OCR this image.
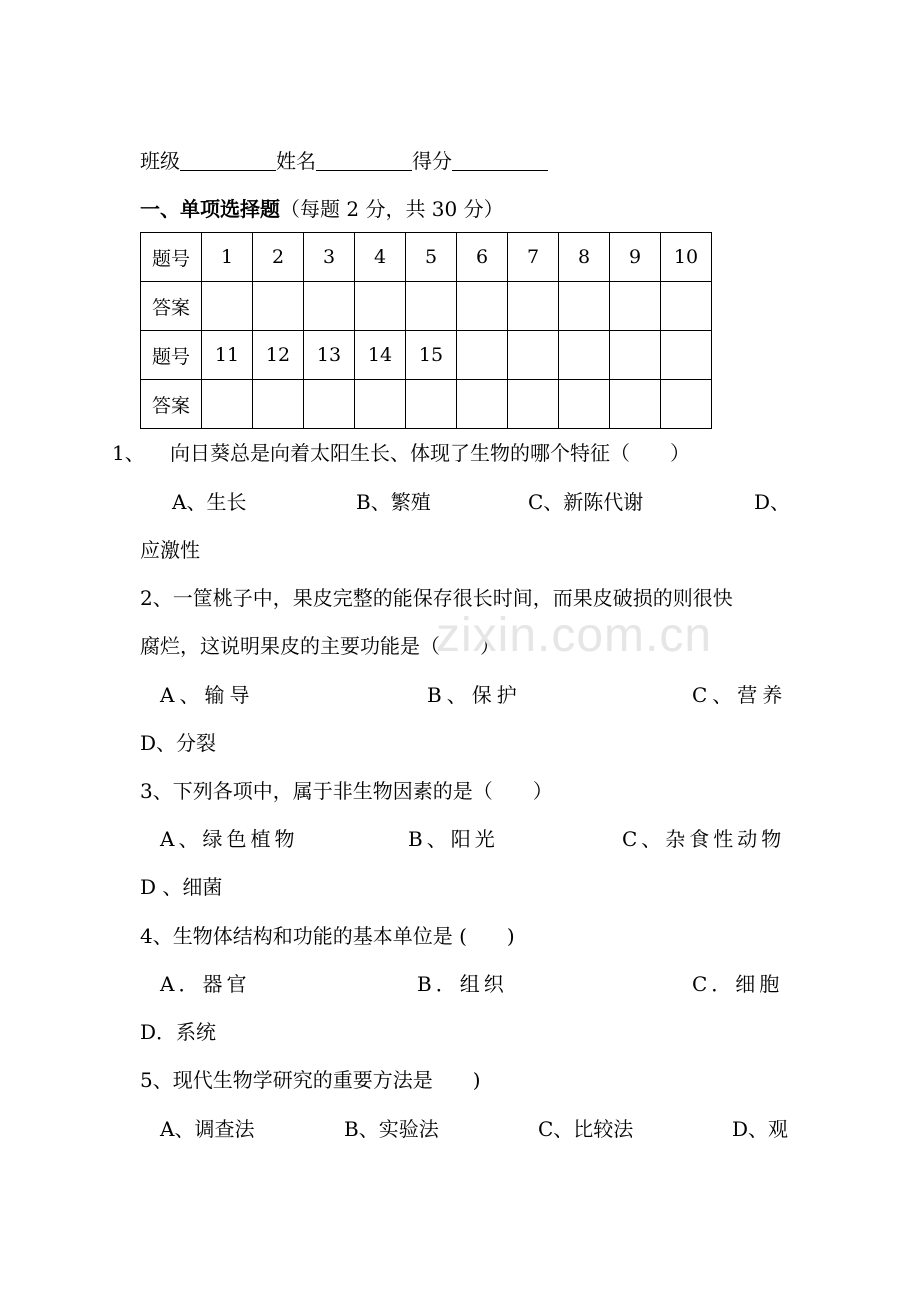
班级	姓名	得分
一、单项选择题（每题 2 分，共 30 分）
题号	1	2	3	4	5	6	7	8	9	10
答案										
题号	11	12	13	14	15					
答案										
1、 向日葵总是向着太阳生长、体现了生物的哪个特征（　　）
A、生长	B、繁殖	C、新陈代谢	D、
应激性
2、一筐桃子中，果皮完整的能保存很长时间，而果皮破损的则很快
腐烂，这说明果皮的主要功能是（　　）
A、输导	B、保护	C、营养
D、分裂
3、下列各项中，属于非生物因素的是（　　）
A、绿色植物	B、阳光	C、杂食性动物
D 、细菌
4、生物体结构和功能的基本单位是 (　　)
A．器官	B．组织	C．细胞
D．系统
5、现代生物学研究的重要方法是　　)
A、调查法	B、实验法	C、比较法	D、观
zixin.com.cn
